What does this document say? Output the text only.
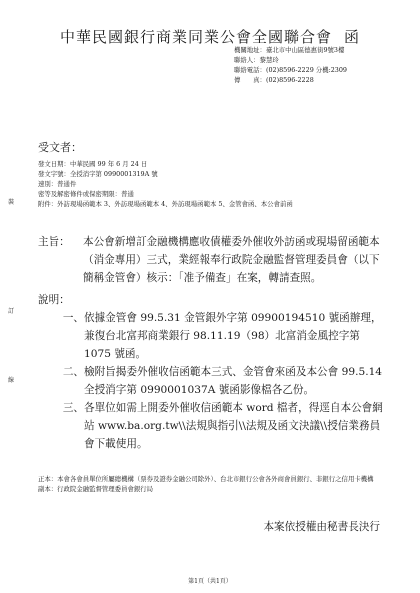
中華民國銀行商業同業公會全國聯合會 函
機關地址：臺北市中山區德惠街9號3樓
聯絡人：黎慧玲
聯絡電話：(02)8596-2229 分機:2309
傳　　真：(02)8596-2228
受文者：
發文日期： 中華民國 99 年 6 月 24 日
發文字號： 全授消字第 0990001319A 號
速別： 普通件
密等及解密條件或保密期限： 普通
附件： 外訪現場函範本 3、外訪現場函範本 4、外訪現場函範本 5、金管會函、本公會前函
主旨：	本公會新增訂金融機構應收債權委外催收外訪函或現場留函範本（消金專用）三式，業經報奉行政院金融監督管理委員會（以下簡稱金管會）核示：「准予備查」在案，轉請查照。
說明：
一、 依據金管會 99.5.31 金管銀外字第 09900194510 號函辦理，兼復台北富邦商業銀行 98.11.19（98）北富消金風控字第1075 號函。
二、 檢附旨揭委外催收信函範本三式、金管會來函及本公會 99.5.14 全授消字第 0990001037A 號函影像檔各乙份。
三、 各單位如需上開委外催收信函範本 word 檔者，得逕自本公會網站 www.ba.org.tw\\法規與指引\\法規及函文決議\\授信業務員會下載使用。
正本： 本會各會員單位所屬總機構（票券及證券金融公司除外）、台北市銀行公會各外商會員銀行、非銀行之信用卡機構
副本： 行政院金融監督管理委員會銀行局
本案依授權由秘書長決行
第1頁（共1頁）
裝
訂
線
